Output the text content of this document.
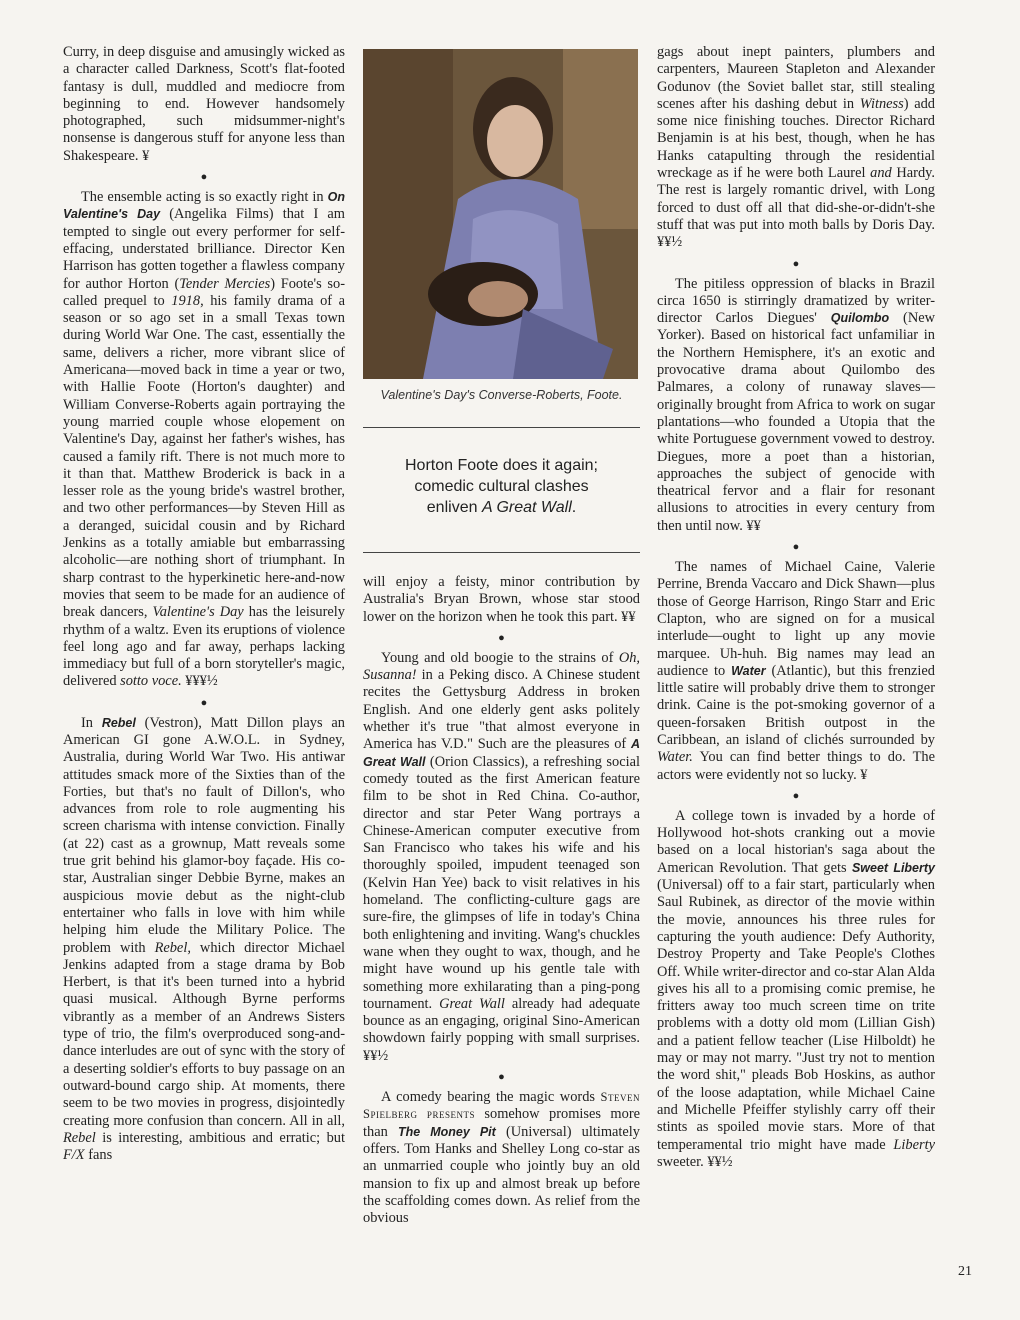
Curry, in deep disguise and amusingly wicked as a character called Darkness, Scott's flat-footed fantasy is dull, muddled and mediocre from beginning to end. However handsomely photographed, such midsummer-night's nonsense is dangerous stuff for anyone less than Shakespeare. ¥

●

The ensemble acting is so exactly right in On Valentine's Day (Angelika Films) that I am tempted to single out every performer for self-effacing, understated brilliance. Director Ken Harrison has gotten together a flawless company for author Horton (Tender Mercies) Foote's so-called prequel to 1918, his family drama of a season or so ago set in a small Texas town during World War One. The cast, essentially the same, delivers a richer, more vibrant slice of Americana—moved back in time a year or two, with Hallie Foote (Horton's daughter) and William Converse-Roberts again portraying the young married couple whose elopement on Valentine's Day, against her father's wishes, has caused a family rift. There is not much more to it than that. Matthew Broderick is back in a lesser role as the young bride's wastrel brother, and two other performances—by Steven Hill as a deranged, suicidal cousin and by Richard Jenkins as a totally amiable but embarrassing alcoholic—are nothing short of triumphant. In sharp contrast to the hyperkinetic here-and-now movies that seem to be made for an audience of break dancers, Valentine's Day has the leisurely rhythm of a waltz. Even its eruptions of violence feel long ago and far away, perhaps lacking immediacy but full of a born storyteller's magic, delivered sotto voce. ¥¥¥½

●

In Rebel (Vestron), Matt Dillon plays an American GI gone A.W.O.L. in Sydney, Australia, during World War Two. His antiwar attitudes smack more of the Sixties than of the Forties, but that's no fault of Dillon's, who advances from role to role augmenting his screen charisma with intense conviction. Finally (at 22) cast as a grownup, Matt reveals some true grit behind his glamor-boy façade. His co-star, Australian singer Debbie Byrne, makes an auspicious movie debut as the night-club entertainer who falls in love with him while helping him elude the Military Police. The problem with Rebel, which director Michael Jenkins adapted from a stage drama by Bob Herbert, is that it's been turned into a hybrid quasi musical. Although Byrne performs vibrantly as a member of an Andrews Sisters type of trio, the film's overproduced song-and-dance interludes are out of sync with the story of a deserting soldier's efforts to buy passage on an outward-bound cargo ship. At moments, there seem to be two movies in progress, disjointedly creating more confusion than concern. All in all, Rebel is interesting, ambitious and erratic; but F/X fans

Valentine's Day's Converse-Roberts, Foote.
Horton Foote does it again;
comedic cultural clashes
enliven A Great Wall.

will enjoy a feisty, minor contribution by Australia's Bryan Brown, whose star stood lower on the horizon when he took this part. ¥¥

●

Young and old boogie to the strains of Oh, Susanna! in a Peking disco. A Chinese student recites the Gettysburg Address in broken English. And one elderly gent asks politely whether it's true "that almost everyone in America has V.D." Such are the pleasures of A Great Wall (Orion Classics), a refreshing social comedy touted as the first American feature film to be shot in Red China. Co-author, director and star Peter Wang portrays a Chinese-American computer executive from San Francisco who takes his wife and his thoroughly spoiled, impudent teenaged son (Kelvin Han Yee) back to visit relatives in his homeland. The conflicting-culture gags are sure-fire, the glimpses of life in today's China both enlightening and inviting. Wang's chuckles wane when they ought to wax, though, and he might have wound up his gentle tale with something more exhilarating than a ping-pong tournament. Great Wall already had adequate bounce as an engaging, original Sino-American showdown fairly popping with small surprises. ¥¥½

●

A comedy bearing the magic words Steven Spielberg presents somehow promises more than The Money Pit (Universal) ultimately offers. Tom Hanks and Shelley Long co-star as an unmarried couple who jointly buy an old mansion to fix up and almost break up before the scaffolding comes down. As relief from the obvious

gags about inept painters, plumbers and carpenters, Maureen Stapleton and Alexander Godunov (the Soviet ballet star, still stealing scenes after his dashing debut in Witness) add some nice finishing touches. Director Richard Benjamin is at his best, though, when he has Hanks catapulting through the residential wreckage as if he were both Laurel and Hardy. The rest is largely romantic drivel, with Long forced to dust off all that did-she-or-didn't-she stuff that was put into moth balls by Doris Day. ¥¥½

●

The pitiless oppression of blacks in Brazil circa 1650 is stirringly dramatized by writer-director Carlos Diegues' Quilombo (New Yorker). Based on historical fact unfamiliar in the Northern Hemisphere, it's an exotic and provocative drama about Quilombo des Palmares, a colony of runaway slaves—originally brought from Africa to work on sugar plantations—who founded a Utopia that the white Portuguese government vowed to destroy. Diegues, more a poet than a historian, approaches the subject of genocide with theatrical fervor and a flair for resonant allusions to atrocities in every century from then until now. ¥¥

●

The names of Michael Caine, Valerie Perrine, Brenda Vaccaro and Dick Shawn—plus those of George Harrison, Ringo Starr and Eric Clapton, who are signed on for a musical interlude—ought to light up any movie marquee. Uh-huh. Big names may lead an audience to Water (Atlantic), but this frenzied little satire will probably drive them to stronger drink. Caine is the pot-smoking governor of a queen-forsaken British outpost in the Caribbean, an island of clichés surrounded by Water. You can find better things to do. The actors were evidently not so lucky. ¥

●

A college town is invaded by a horde of Hollywood hot-shots cranking out a movie based on a local historian's saga about the American Revolution. That gets Sweet Liberty (Universal) off to a fair start, particularly when Saul Rubinek, as director of the movie within the movie, announces his three rules for capturing the youth audience: Defy Authority, Destroy Property and Take People's Clothes Off. While writer-director and co-star Alan Alda gives his all to a promising comic premise, he fritters away too much screen time on trite problems with a dotty old mom (Lillian Gish) and a patient fellow teacher (Lise Hilboldt) he may or may not marry. "Just try not to mention the word shit," pleads Bob Hoskins, as author of the loose adaptation, while Michael Caine and Michelle Pfeiffer stylishly carry off their stints as spoiled movie stars. More of that temperamental trio might have made Liberty sweeter. ¥¥½

21
